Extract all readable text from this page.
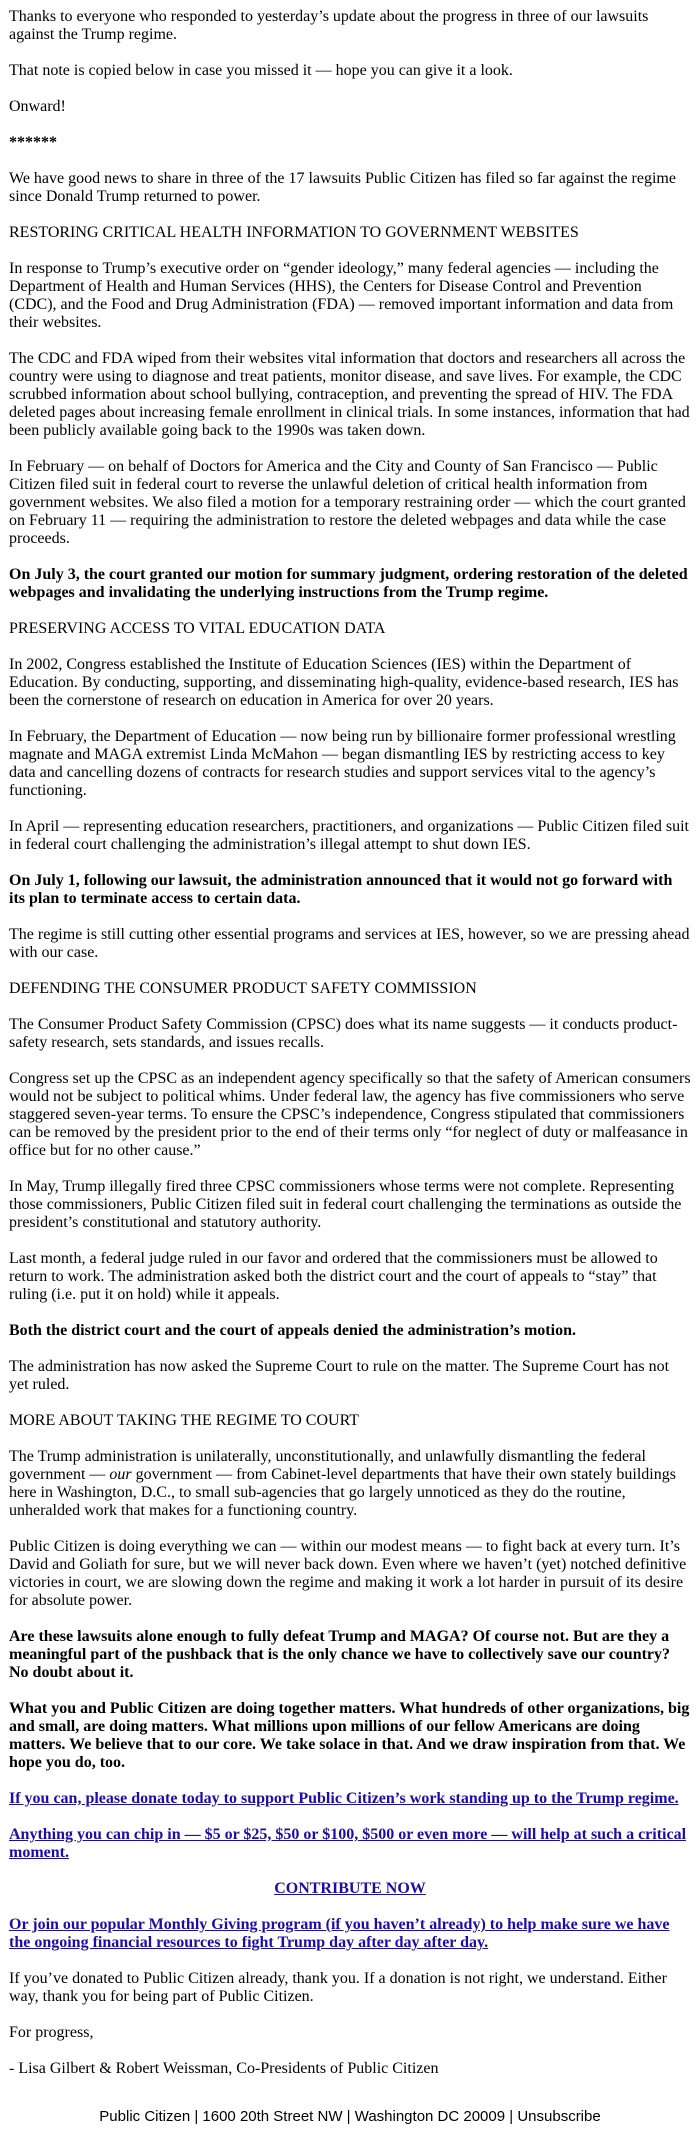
Thanks to everyone who responded to yesterday’s update about the progress in three of our lawsuits against the Trump regime.

That note is copied below in case you missed it — hope you can give it a look.

Onward!

******

We have good news to share in three of the 17 lawsuits Public Citizen has filed so far against the regime since Donald Trump returned to power.

RESTORING CRITICAL HEALTH INFORMATION TO GOVERNMENT WEBSITES

In response to Trump’s executive order on “gender ideology,” many federal agencies — including the Department of Health and Human Services (HHS), the Centers for Disease Control and Prevention (CDC), and the Food and Drug Administration (FDA) — removed important information and data from their websites.

The CDC and FDA wiped from their websites vital information that doctors and researchers all across the country were using to diagnose and treat patients, monitor disease, and save lives. For example, the CDC scrubbed information about school bullying, contraception, and preventing the spread of HIV. The FDA deleted pages about increasing female enrollment in clinical trials. In some instances, information that had been publicly available going back to the 1990s was taken down.

In February — on behalf of Doctors for America and the City and County of San Francisco — Public Citizen filed suit in federal court to reverse the unlawful deletion of critical health information from government websites. We also filed a motion for a temporary restraining order — which the court granted on February 11 — requiring the administration to restore the deleted webpages and data while the case proceeds.

On July 3, the court granted our motion for summary judgment, ordering restoration of the deleted webpages and invalidating the underlying instructions from the Trump regime.

PRESERVING ACCESS TO VITAL EDUCATION DATA

In 2002, Congress established the Institute of Education Sciences (IES) within the Department of Education. By conducting, supporting, and disseminating high-quality, evidence-based research, IES has been the cornerstone of research on education in America for over 20 years.

In February, the Department of Education — now being run by billionaire former professional wrestling magnate and MAGA extremist Linda McMahon — began dismantling IES by restricting access to key data and cancelling dozens of contracts for research studies and support services vital to the agency’s functioning.

In April — representing education researchers, practitioners, and organizations — Public Citizen filed suit in federal court challenging the administration’s illegal attempt to shut down IES.

On July 1, following our lawsuit, the administration announced that it would not go forward with its plan to terminate access to certain data.

The regime is still cutting other essential programs and services at IES, however, so we are pressing ahead with our case.

DEFENDING THE CONSUMER PRODUCT SAFETY COMMISSION

The Consumer Product Safety Commission (CPSC) does what its name suggests — it conducts product-safety research, sets standards, and issues recalls.

Congress set up the CPSC as an independent agency specifically so that the safety of American consumers would not be subject to political whims. Under federal law, the agency has five commissioners who serve staggered seven-year terms. To ensure the CPSC’s independence, Congress stipulated that commissioners can be removed by the president prior to the end of their terms only “for neglect of duty or malfeasance in office but for no other cause.”

In May, Trump illegally fired three CPSC commissioners whose terms were not complete. Representing those commissioners, Public Citizen filed suit in federal court challenging the terminations as outside the president’s constitutional and statutory authority.

Last month, a federal judge ruled in our favor and ordered that the commissioners must be allowed to return to work. The administration asked both the district court and the court of appeals to “stay” that ruling (i.e. put it on hold) while it appeals.

Both the district court and the court of appeals denied the administration’s motion.

The administration has now asked the Supreme Court to rule on the matter. The Supreme Court has not yet ruled.

MORE ABOUT TAKING THE REGIME TO COURT

The Trump administration is unilaterally, unconstitutionally, and unlawfully dismantling the federal government — our government — from Cabinet-level departments that have their own stately buildings here in Washington, D.C., to small sub-agencies that go largely unnoticed as they do the routine, unheralded work that makes for a functioning country.

Public Citizen is doing everything we can — within our modest means — to fight back at every turn. It’s David and Goliath for sure, but we will never back down. Even where we haven’t (yet) notched definitive victories in court, we are slowing down the regime and making it work a lot harder in pursuit of its desire for absolute power.

Are these lawsuits alone enough to fully defeat Trump and MAGA? Of course not. But are they a meaningful part of the pushback that is the only chance we have to collectively save our country? No doubt about it.

What you and Public Citizen are doing together matters. What hundreds of other organizations, big and small, are doing matters. What millions upon millions of our fellow Americans are doing matters. We believe that to our core. We take solace in that. And we draw inspiration from that. We hope you do, too.

If you can, please donate today to support Public Citizen’s work standing up to the Trump regime.

Anything you can chip in — $5 or $25, $50 or $100, $500 or even more — will help at such a critical moment.

CONTRIBUTE NOW

Or join our popular Monthly Giving program (if you haven’t already) to help make sure we have the ongoing financial resources to fight Trump day after day after day.

If you’ve donated to Public Citizen already, thank you. If a donation is not right, we understand. Either way, thank you for being part of Public Citizen.

For progress,

- Lisa Gilbert & Robert Weissman, Co-Presidents of Public Citizen

Public Citizen | 1600 20th Street NW | Washington DC 20009 | Unsubscribe
